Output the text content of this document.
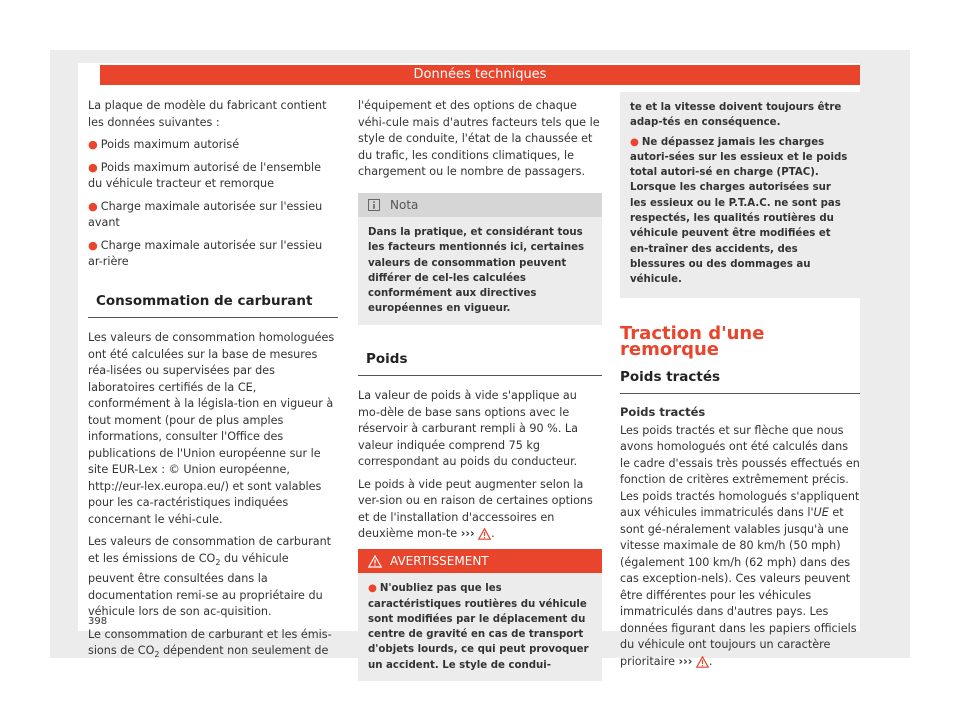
Données techniques

La plaque de modèle du fabricant contient les données suivantes :

● Poids maximum autorisé
● Poids maximum autorisé de l'ensemble du véhicule tracteur et remorque
● Charge maximale autorisée sur l'essieu avant
● Charge maximale autorisée sur l'essieu ar-rière
Consommation de carburant

Les valeurs de consommation homologuées ont été calculées sur la base de mesures réa-lisées ou supervisées par des laboratoires certifiés de la CE, conformément à la législa-tion en vigueur à tout moment (pour de plus amples informations, consulter l'Office des publications de l'Union européenne sur le site EUR-Lex : © Union européenne, http://eur-lex.europa.eu/) et sont valables pour les ca-ractéristiques indiquées concernant le véhi-cule.

Les valeurs de consommation de carburant et les émissions de $CO_2$ du véhicule peuvent être consultées dans la documentation remi-se au propriétaire du véhicule lors de son ac-quisition.

Le consommation de carburant et les émis-sions de $CO_2$ dépendent non seulement de

l'équipement et des options de chaque véhi-cule mais d'autres facteurs tels que le style de conduite, l'état de la chaussée et du trafic, les conditions climatiques, le chargement ou le nombre de passagers.

Nota
Dans la pratique, et considérant tous les facteurs mentionnés ici, certaines valeurs de consommation peuvent différer de cel-les calculées conformément aux directives européennes en vigueur.
Poids

La valeur de poids à vide s'applique au mo-dèle de base sans options avec le réservoir à carburant rempli à 90 %. La valeur indiquée comprend 75 kg correspondant au poids du conducteur.

Le poids à vide peut augmenter selon la ver-sion ou en raison de certaines options et de l'installation d'accessoires en deuxième mon-te ››› .

AVERTISSEMENT
● N'oubliez pas que les caractéristiques routières du véhicule sont modifiées par le déplacement du centre de gravité en cas de transport d'objets lourds, ce qui peut provoquer un accident. Le style de condui-
te et la vitesse doivent toujours être adap-tés en conséquence.
● Ne dépassez jamais les charges autori-sées sur les essieux et le poids total autori-sé en charge (PTAC). Lorsque les charges autorisées sur les essieux ou le P.T.A.C. ne sont pas respectés, les qualités routières du véhicule peuvent être modifiées et en-traîner des accidents, des blessures ou des dommages au véhicule.
Traction d'une remorque
Poids tractés
Poids tractés

Les poids tractés et sur flèche que nous avons homologués ont été calculés dans le cadre d'essais très poussés effectués en fonction de critères extrêmement précis. Les poids tractés homologués s'appliquent aux véhicules immatriculés dans l'UE et sont gé-néralement valables jusqu'à une vitesse maximale de 80 km/h (50 mph) (également 100 km/h (62 mph) dans des cas exception-nels). Ces valeurs peuvent être différentes pour les véhicules immatriculés dans d'autres pays. Les données figurant dans les papiers officiels du véhicule ont toujours un caractère prioritaire ››› .

398
